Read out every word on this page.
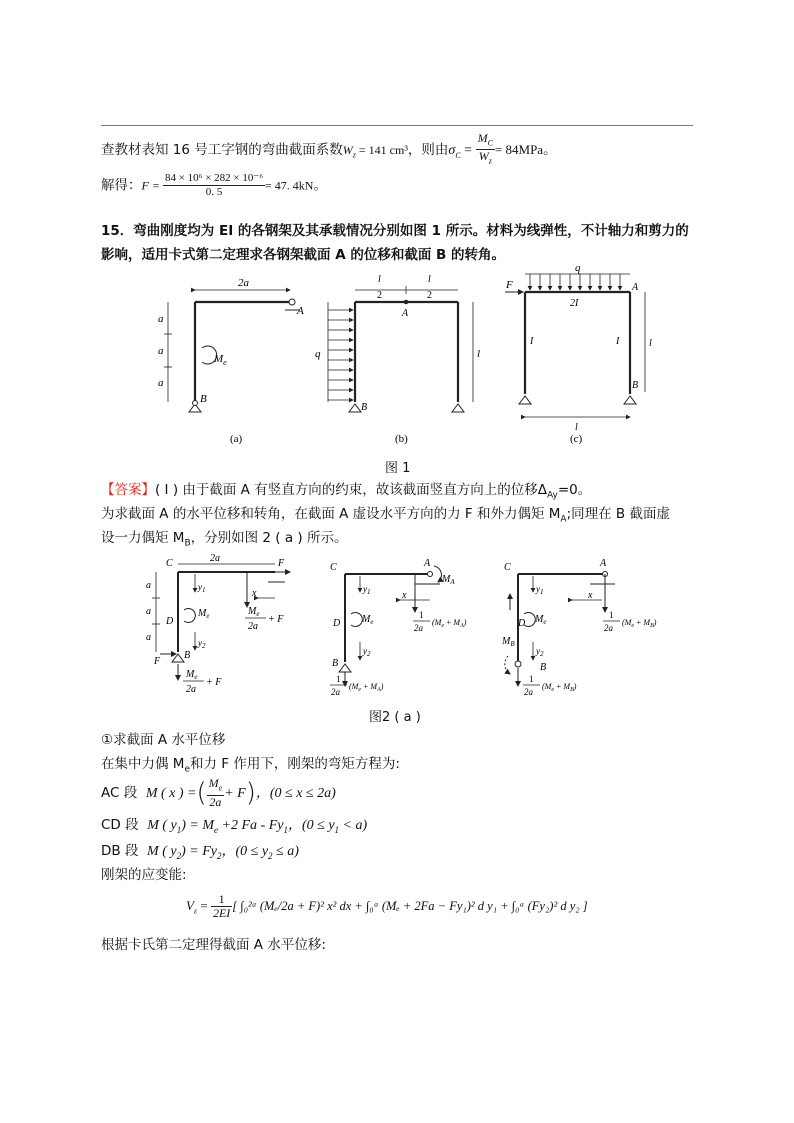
查教材表知 16 号工字钢的弯曲截面系数$W_z = 141$ cm³，则由$\sigma_C = \frac{M_C}{W_z} = 84MPa$。
解得：$F = \frac{\text{84 × 10⁶ × 282 × 10⁻⁶}}{0. 5} = 47$. 4kN。
15．弯曲刚度均为 EI 的各钢架及其承载情况分别如图 1 所示。材料为线弹性，不计轴力和剪力的
影响，适用卡式第二定理求各钢架截面 A 的位移和截面 B 的转角。
2a
a
a
a
A
B
$M_e$
(a)
l
2
l
2
A
q	l
B
(b)
q
F
2I
I	I
A
B
l
l
(c)
图 1
【答案】( I ) 由于截面 A 有竖直方向的约束，故该截面竖直方向上的位移$\Delta_{Ay}=0$。
为求截面 A 的水平位移和转角，在截面 A 虚设水平方向的力 F 和外力偶矩 $M_A$;同理在 B 截面虚
设一力偶矩 $M_B$，分别如图 2 ( a ) 所示。
C	2a	F
a
a
a
x
$y_1$
D
$M_e$
$y_2$
B
F
$M_e$
2a
+ F
$M_e$
2a
+ F
C	A
$M_A$
x
$y_1$
D $M_e$
$y_2$
B
1
2a
$(M_e + M_A)$
1
2a
$(M_e + M_A)$
C	A
x
$y_1$
D $M_e$
$M_B$
$y_2$
B
1
2a
$(M_e + M_B)$
1
2a
$(M_e + M_B)$
图2 ( a )
①求截面 A 水平位移
在集中力偶 $M_e$和力 F 作用下，刚架的弯矩方程为:
AC 段 M ( x ) =( $\frac{M_e}{2a} + F$)，(0 ≤ x ≤ 2a)
CD 段 M ( $y_1) = M_e +2$ Fa - $Fy_1$，$(0 \le y_1 < a)$
DB 段 M ( $y_2) = Fy_2$，$(0 \le y_2 \le a)$
刚架的应变能:
$V_\varepsilon = \frac{1}{2EI}$ [ ∫₀²ᵃ (Mₑ/2a + F)² x² dx + ∫₀ᵃ (Mₑ + 2Fa − Fy₁)² d y₁ + ∫₀ᵃ (Fy₂)² d y₂ ]
根据卡氏第二定理得截面 A 水平位移:
